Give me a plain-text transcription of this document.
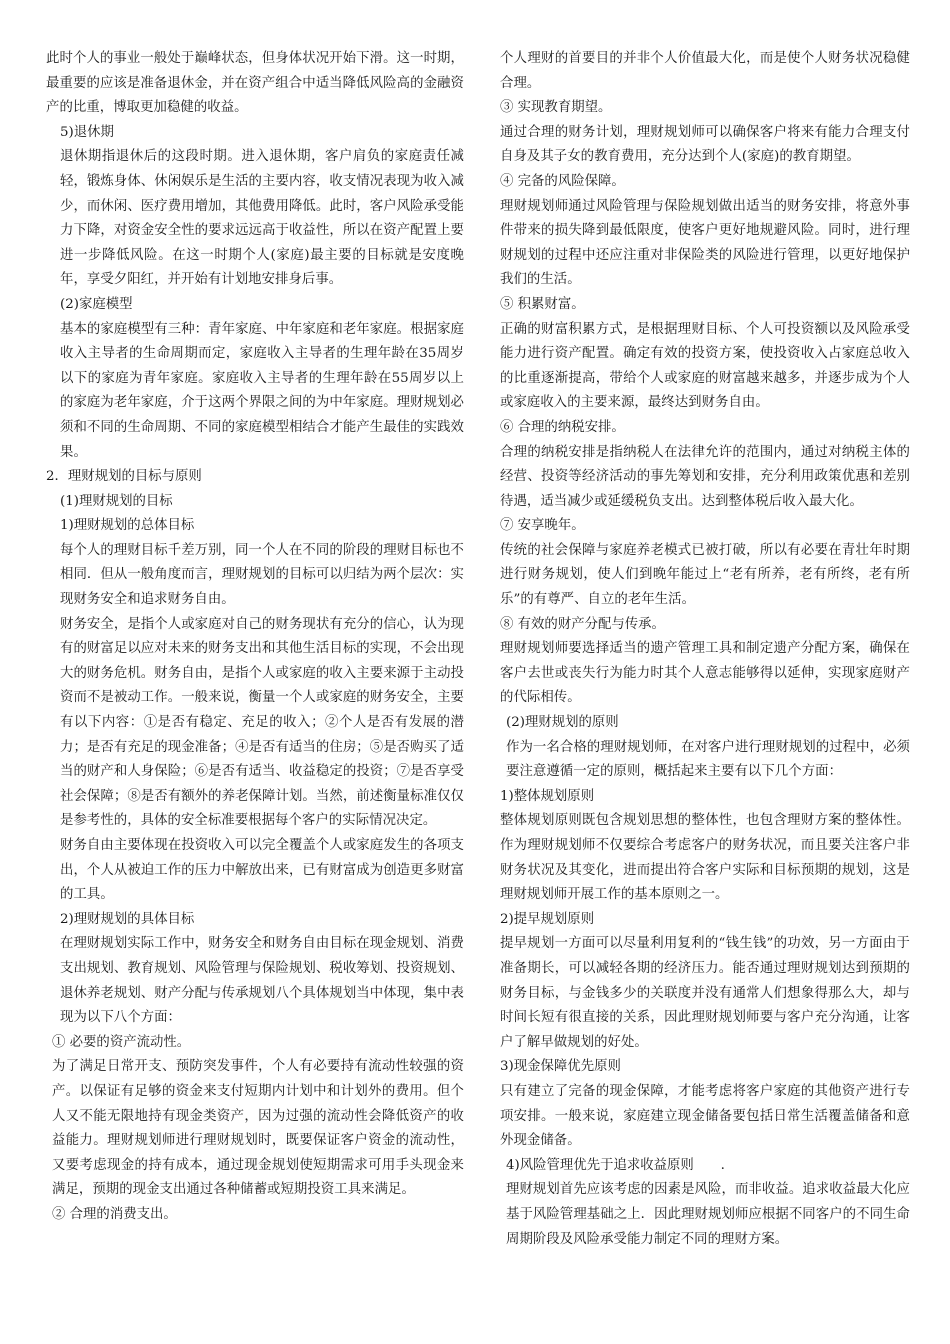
此时个人的事业一般处于巅峰状态，但身体状况开始下滑。这一时期，最重要的应该是准备退休金，并在资产组合中适当降低风险高的金融资产的比重，博取更加稳健的收益。

5)退休期

退休期指退休后的这段时期。进入退休期，客户肩负的家庭责任减轻，锻炼身体、休闲娱乐是生活的主要内容，收支情况表现为收入减少，而休闲、医疗费用增加，其他费用降低。此时，客户风险承受能力下降，对资金安全性的要求远远高于收益性，所以在资产配置上要进一步降低风险。在这一时期个人(家庭)最主要的目标就是安度晚年，享受夕阳红，并开始有计划地安排身后事。

(2)家庭模型

基本的家庭模型有三种：青年家庭、中年家庭和老年家庭。根据家庭收入主导者的生命周期而定，家庭收入主导者的生理年龄在35周岁以下的家庭为青年家庭。家庭收入主导者的生理年龄在55周岁以上的家庭为老年家庭，介于这两个界限之间的为中年家庭。理财规划必须和不同的生命周期、不同的家庭模型相结合才能产生最佳的实践效果。

2．理财规划的目标与原则

(1)理财规划的目标

1)理财规划的总体目标

每个人的理财目标千差万别，同一个人在不同的阶段的理财目标也不相同．但从一般角度而言，理财规划的目标可以归结为两个层次：实现财务安全和追求财务自由。

财务安全，是指个人或家庭对自己的财务现状有充分的信心，认为现有的财富足以应对未来的财务支出和其他生活目标的实现，不会出现大的财务危机。财务自由，是指个人或家庭的收入主要来源于主动投资而不是被动工作。一般来说，衡量一个人或家庭的财务安全，主要有以下内容：①是否有稳定、充足的收入；②个人是否有发展的潜力；是否有充足的现金准备；④是否有适当的住房；⑤是否购买了适当的财产和人身保险；⑥是否有适当、收益稳定的投资；⑦是否享受社会保障；⑧是否有额外的养老保障计划。当然，前述衡量标准仅仅是参考性的，具体的安全标准要根据每个客户的实际情况决定。

财务自由主要体现在投资收入可以完全覆盖个人或家庭发生的各项支出，个人从被迫工作的压力中解放出来，已有财富成为创造更多财富的工具。

2)理财规划的具体目标

在理财规划实际工作中，财务安全和财务自由目标在现金规划、消费支出规划、教育规划、风险管理与保险规划、税收筹划、投资规划、退休养老规划、财产分配与传承规划八个具体规划当中体现，集中表现为以下八个方面：

① 必要的资产流动性。

为了满足日常开支、预防突发事件，个人有必要持有流动性较强的资产。以保证有足够的资金来支付短期内计划中和计划外的费用。但个人又不能无限地持有现金类资产，因为过强的流动性会降低资产的收益能力。理财规划师进行理财规划时，既要保证客户资金的流动性，又要考虑现金的持有成本，通过现金规划使短期需求可用手头现金来满足，预期的现金支出通过各种储蓄或短期投资工具来满足。

② 合理的消费支出。

个人理财的首要目的并非个人价值最大化，而是使个人财务状况稳健合理。

③ 实现教育期望。

通过合理的财务计划，理财规划师可以确保客户将来有能力合理支付自身及其子女的教育费用，充分达到个人(家庭)的教育期望。

④ 完备的风险保障。

理财规划师通过风险管理与保险规划做出适当的财务安排，将意外事件带来的损失降到最低限度，使客户更好地规避风险。同时，进行理财规划的过程中还应注重对非保险类的风险进行管理，以更好地保护我们的生活。

⑤ 积累财富。

正确的财富积累方式，是根据理财目标、个人可投资额以及风险承受能力进行资产配置。确定有效的投资方案，使投资收入占家庭总收入的比重逐渐提高，带给个人或家庭的财富越来越多，并逐步成为个人或家庭收入的主要来源，最终达到财务自由。

⑥ 合理的纳税安排。

合理的纳税安排是指纳税人在法律允许的范围内，通过对纳税主体的经营、投资等经济活动的事先筹划和安排，充分利用政策优惠和差别待遇，适当减少或延缓税负支出。达到整体税后收入最大化。

⑦ 安享晚年。

传统的社会保障与家庭养老模式已被打破，所以有必要在青壮年时期进行财务规划，使人们到晚年能过上“老有所养，老有所终，老有所乐”的有尊严、自立的老年生活。

⑧ 有效的财产分配与传承。

理财规划师要选择适当的遗产管理工具和制定遗产分配方案，确保在客户去世或丧失行为能力时其个人意志能够得以延伸，实现家庭财产的代际相传。

(2)理财规划的原则

作为一名合格的理财规划师，在对客户进行理财规划的过程中，必须要注意遵循一定的原则，概括起来主要有以下几个方面：

1)整体规划原则

整体规划原则既包含规划思想的整体性，也包含理财方案的整体性。作为理财规划师不仅要综合考虑客户的财务状况，而且要关注客户非财务状况及其变化，进而提出符合客户实际和目标预期的规划，这是理财规划师开展工作的基本原则之一。

2)提早规划原则

提早规划一方面可以尽量利用复利的“钱生钱”的功效，另一方面由于准备期长，可以减轻各期的经济压力。能否通过理财规划达到预期的财务目标，与金钱多少的关联度并没有通常人们想象得那么大，却与时间长短有很直接的关系，因此理财规划师要与客户充分沟通，让客户了解早做规划的好处。

3)现金保障优先原则

只有建立了完备的现金保障，才能考虑将客户家庭的其他资产进行专项安排。一般来说，家庭建立现金储备要包括日常生活覆盖储备和意外现金储备。

4)风险管理优先于追求收益原则　　.

理财规划首先应该考虑的因素是风险，而非收益。追求收益最大化应基于风险管理基础之上．因此理财规划师应根据不同客户的不同生命周期阶段及风险承受能力制定不同的理财方案。
